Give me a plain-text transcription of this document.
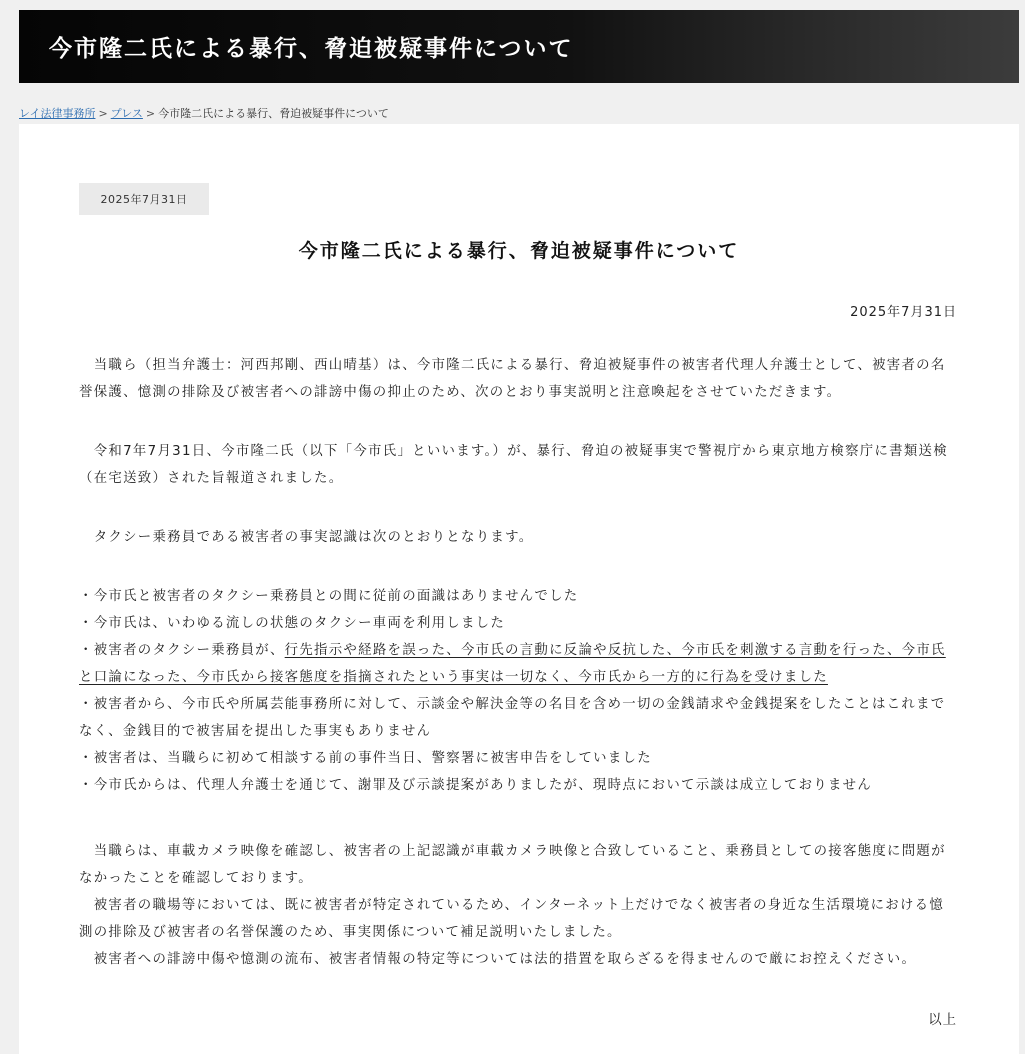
今市隆二氏による暴行、脅迫被疑事件について
レイ法律事務所 > プレス > 今市隆二氏による暴行、脅迫被疑事件について
2025年7月31日
今市隆二氏による暴行、脅迫被疑事件について
2025年7月31日

当職ら（担当弁護士：河西邦剛、西山晴基）は、今市隆二氏による暴行、脅迫被疑事件の被害者代理人弁護士として、被害者の名誉保護、憶測の排除及び被害者への誹謗中傷の抑止のため、次のとおり事実説明と注意喚起をさせていただきます。

令和7年7月31日、今市隆二氏（以下「今市氏」といいます。）が、暴行、脅迫の被疑事実で警視庁から東京地方検察庁に書類送検（在宅送致）された旨報道されました。

タクシー乗務員である被害者の事実認識は次のとおりとなります。

・今市氏と被害者のタクシー乗務員との間に従前の面識はありませんでした
・今市氏は、いわゆる流しの状態のタクシー車両を利用しました
・被害者のタクシー乗務員が、行先指示や経路を誤った、今市氏の言動に反論や反抗した、今市氏を刺激する言動を行った、今市氏と口論になった、今市氏から接客態度を指摘されたという事実は一切なく、今市氏から一方的に行為を受けました
・被害者から、今市氏や所属芸能事務所に対して、示談金や解決金等の名目を含め一切の金銭請求や金銭提案をしたことはこれまでなく、金銭目的で被害届を提出した事実もありません
・被害者は、当職らに初めて相談する前の事件当日、警察署に被害申告をしていました
・今市氏からは、代理人弁護士を通じて、謝罪及び示談提案がありましたが、現時点において示談は成立しておりません

当職らは、車載カメラ映像を確認し、被害者の上記認識が車載カメラ映像と合致していること、乗務員としての接客態度に問題がなかったことを確認しております。

被害者の職場等においては、既に被害者が特定されているため、インターネット上だけでなく被害者の身近な生活環境における憶測の排除及び被害者の名誉保護のため、事実関係について補足説明いたしました。

被害者への誹謗中傷や憶測の流布、被害者情報の特定等については法的措置を取らざるを得ませんので厳にお控えください。

以上
